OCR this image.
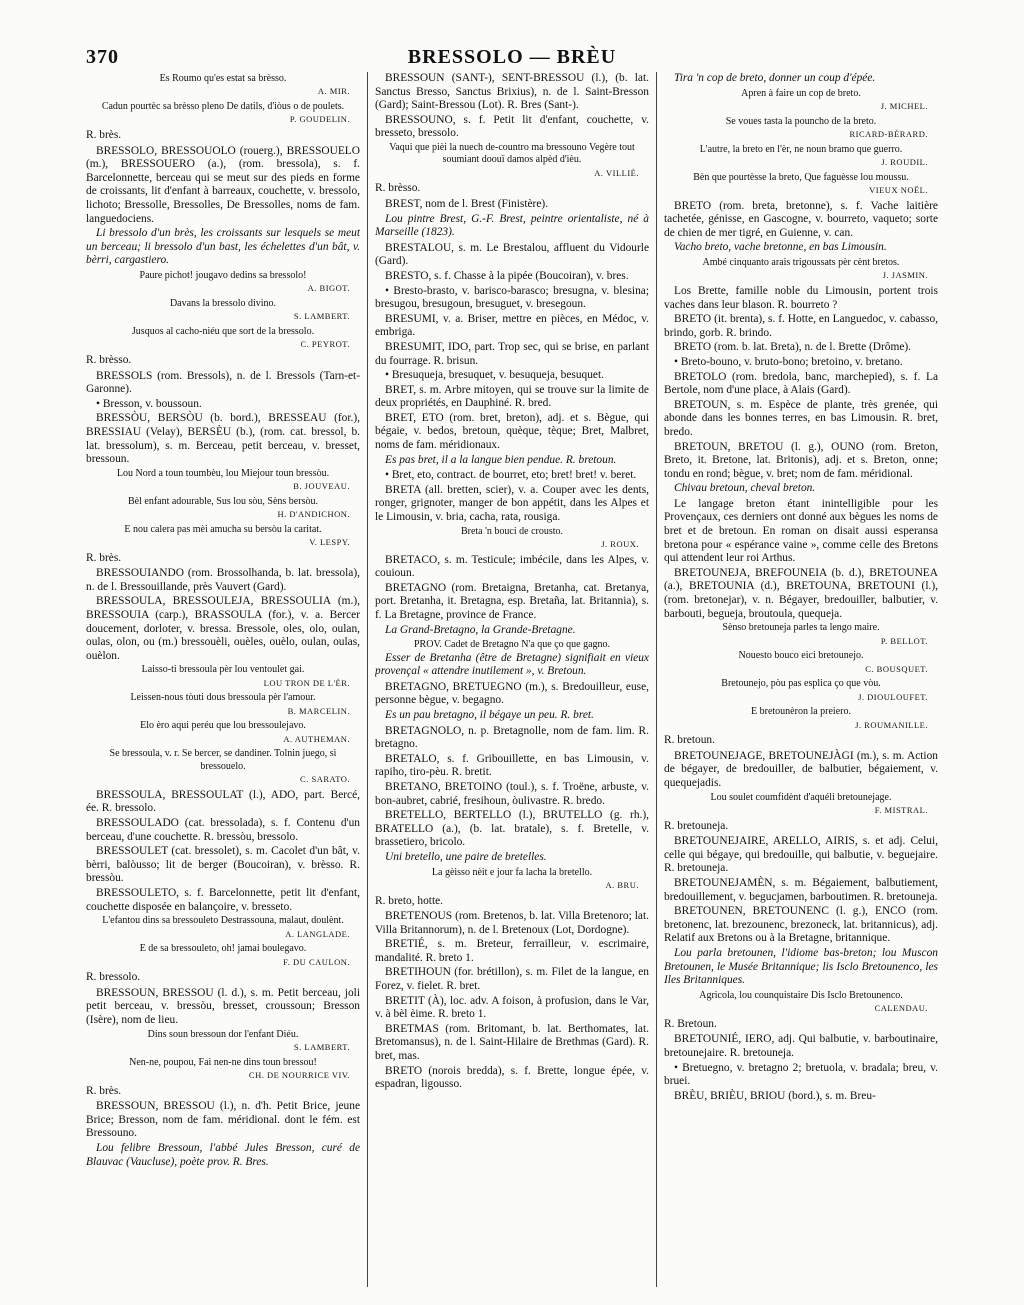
370	BRESSOLO — BRÈU

Es Roumo qu'es estat sa brèsso.

A. MIR.

Cadun pourtèc sa brèsso pleno De datils, d'iòus o de poulets.

P. GOUDELIN.

R. brès.

BRESSOLO, BRESSOUOLO (rouerg.), BRESSOUELO (m.), BRESSOUERO (a.), (rom. bressola), s. f. Barcelonnette, berceau qui se meut sur des pieds en forme de croissants, lit d'enfant à barreaux, couchette, v. bressolo, lichoto; Bressolle, Bressolles, De Bressolles, noms de fam. languedociens.

Li bressolo d'un brès, les croissants sur lesquels se meut un berceau; li bressolo d'un bast, les échelettes d'un bât, v. bèrri, cargastiero.

Paure pichot! jougavo dedins sa bressolo!

A. BIGOT.

Davans la bressolo divino.

S. LAMBERT.

Jusquos al cacho-niéu que sort de la bressolo.

C. PEYROT.

R. brèsso.

BRESSOLS (rom. Bressols), n. de l. Bressols (Tarn-et-Garonne).

• Bresson, v. boussoun.

BRESSÒU, BERSÒU (b. bord.), BRESSEAU (for.), BRESSIAU (Velay), BERSÈU (b.), (rom. cat. bressol, b. lat. bressolum), s. m. Berceau, petit berceau, v. bresset, bressoun.

Lou Nord a toun toumbèu, lou Miejour toun bressòu.

B. JOUVEAU.

Bèl enfant adourable, Sus lou sòu, Sèns bersòu.

H. D'ANDICHON.

E nou calera pas mèi amucha su bersòu la caritat.

V. LESPY.

R. brès.

BRESSOUIANDO (rom. Brossolhanda, b. lat. bressola), n. de l. Bressouillande, près Vauvert (Gard).

BRESSOULA, BRESSOULEJA, BRESSOULIA (m.), BRESSOUIA (carp.), BRASSOULA (for.), v. a. Bercer doucement, dorloter, v. bressa. Bressole, oles, olo, oulan, oulas, olon, ou (m.) bressouèli, ouèles, ouèlo, oulan, oulas, ouèlon.

Laisso-ti bressoula pèr lou ventoulet gai.

LOU TRON DE L'ÈR.

Leissen-nous tòuti dous bressoula pèr l'amour.

B. MARCELIN.

Elo èro aqui peréu que lou bressoulejavo.

A. AUTHEMAN.

Se bressoula, v. r. Se bercer, se dandiner. Tolnin juego, si bressouelo.

C. SARATO.

BRESSOULA, BRESSOULAT (l.), ADO, part. Bercé, ée. R. bressolo.

BRESSOULADO (cat. bressolada), s. f. Contenu d'un berceau, d'une couchette. R. bressòu, bressolo.

BRESSOULET (cat. bressolet), s. m. Cacolet d'un bât, v. bèrri, balòusso; lit de berger (Boucoiran), v. brèsso. R. bressòu.

BRESSOULETO, s. f. Barcelonnette, petit lit d'enfant, couchette disposée en balançoire, v. bresseto.

L'efantou dins sa bressouleto Destrassouna, malaut, doulènt.

A. LANGLADE.

E de sa bressouleto, oh! jamai boulegavo.

F. DU CAULON.

R. bressolo.

BRESSOUN, BRESSOU (l. d.), s. m. Petit berceau, joli petit berceau, v. bressòu, bresset, croussoun; Bresson (Isère), nom de lieu.

Dins soun bressoun dor l'enfant Diéu.

S. LAMBERT.

Nen-ne, poupou, Fai nen-ne dins toun bressou!

CH. DE NOURRICE VIV.

R. brès.

BRESSOUN, BRESSOU (l.), n. d'h. Petit Brice, jeune Brice; Bresson, nom de fam. méridional. dont le fém. est Bressouno.

Lou felibre Bressoun, l'abbé Jules Bresson, curé de Blauvac (Vaucluse), poète prov. R. Bres.

BRESSOUN (SANT-), SENT-BRESSOU (l.), (b. lat. Sanctus Bresso, Sanctus Brixius), n. de l. Saint-Bresson (Gard); Saint-Bressou (Lot). R. Bres (Sant-).

BRESSOUNO, s. f. Petit lit d'enfant, couchette, v. bresseto, bressolo.

Vaqui que pièi la nuech de-countro ma bressouno Vegère tout soumiant doouï damos alpèd d'ièu.

A. VILLIÉ.

R. brèsso.

BREST, nom de l. Brest (Finistère).

Lou pintre Brest, G.-F. Brest, peintre orientaliste, né à Marseille (1823).

BRESTALOU, s. m. Le Brestalou, affluent du Vidourle (Gard).

BRESTO, s. f. Chasse à la pipée (Boucoiran), v. bres.

• Bresto-brasto, v. barisco-barasco; bresugna, v. blesina; bresugou, bresugoun, bresuguet, v. bresegoun.

BRESUMI, v. a. Briser, mettre en pièces, en Médoc, v. embriga.

BRESUMIT, IDO, part. Trop sec, qui se brise, en parlant du fourrage. R. brisun.

• Bresuqueja, bresuquet, v. besuqueja, besuquet.

BRET, s. m. Arbre mitoyen, qui se trouve sur la limite de deux propriétés, en Dauphiné. R. bred.

BRET, ETO (rom. bret, breton), adj. et s. Bègue, qui bégaie, v. bedos, bretoun, quèque, tèque; Bret, Malbret, noms de fam. méridionaux.

Es pas bret, il a la langue bien pendue. R. bretoun.

• Bret, eto, contract. de bourret, eto; bret! bret! v. beret.

BRETA (all. bretten, scier), v. a. Couper avec les dents, ronger, grignoter, manger de bon appétit, dans les Alpes et le Limousin, v. bria, cacha, rata, rousiga.

Breta 'n bouci de crousto.

J. ROUX.

BRETACO, s. m. Testicule; imbécile, dans les Alpes, v. couioun.

BRETAGNO (rom. Bretaigna, Bretanha, cat. Bretanya, port. Bretanha, it. Bretagna, esp. Bretaña, lat. Britannia), s. f. La Bretagne, province de France.

La Grand-Bretagno, la Grande-Bretagne.

PROV. Cadet de Bretagno N'a que ço que gagno.

Esser de Bretanha (être de Bretagne) signifiait en vieux provençal « attendre inutilement », v. Bretoun.

BRETAGNO, BRETUEGNO (m.), s. Bredouilleur, euse, personne bègue, v. begagno.

Es un pau bretagno, il bégaye un peu. R. bret.

BRETAGNOLO, n. p. Bretagnolle, nom de fam. lim. R. bretagno.

BRETALO, s. f. Gribouillette, en bas Limousin, v. rapiho, tiro-pèu. R. bretit.

BRETANO, BRETOINO (toul.), s. f. Troëne, arbuste, v. bon-aubret, cabrié, fresihoun, òulivastre. R. bredo.

BRETELLO, BERTELLO (l.), BRUTELLO (g. rh.), BRATELLO (a.), (b. lat. bratale), s. f. Bretelle, v. brassetiero, bricolo.

Uni bretello, une paire de bretelles.

La gèisso nèit e jour fa lacha la bretello.

A. BRU.

R. breto, hotte.

BRETENOUS (rom. Bretenos, b. lat. Villa Bretenoro; lat. Villa Britannorum), n. de l. Bretenoux (Lot, Dordogne).

BRETIÉ, s. m. Breteur, ferrailleur, v. escrimaire, mandalité. R. breto 1.

BRETIHOUN (for. brétillon), s. m. Filet de la langue, en Forez, v. fielet. R. bret.

BRETIT (À), loc. adv. A foison, à profusion, dans le Var, v. à bèl èime. R. breto 1.

BRETMAS (rom. Britomant, b. lat. Berthomates, lat. Bretomansus), n. de l. Saint-Hilaire de Brethmas (Gard). R. bret, mas.

BRETO (norois bredda), s. f. Brette, longue épée, v. espadran, ligousso.

Tira 'n cop de breto, donner un coup d'épée.

Apren à faire un cop de breto.

J. MICHEL.

Se voues tasta la pouncho de la breto.

RICARD-BÉRARD.

L'autre, la breto en l'èr, ne noun bramo que guerro.

J. ROUDIL.

Bèn que pourtèsse la breto, Que faguèsse lou moussu.

VIEUX NOËL.

BRETO (rom. breta, bretonne), s. f. Vache laitière tachetée, génisse, en Gascogne, v. bourreto, vaqueto; sorte de chien de mer tigré, en Guienne, v. can.

Vacho breto, vache bretonne, en bas Limousin.

Ambé cinquanto arais trigoussats pèr cènt bretos.

J. JASMIN.

Los Brette, famille noble du Limousin, portent trois vaches dans leur blason. R. bourreto ?

BRETO (it. brenta), s. f. Hotte, en Languedoc, v. cabasso, brindo, gorb. R. brindo.

BRETO (rom. b. lat. Breta), n. de l. Brette (Drôme).

• Breto-bouno, v. bruto-bono; bretoino, v. bretano.

BRETOLO (rom. bredola, banc, marchepied), s. f. La Bertole, nom d'une place, à Alais (Gard).

BRETOUN, s. m. Espèce de plante, très grenée, qui abonde dans les bonnes terres, en bas Limousin. R. bret, bredo.

BRETOUN, BRETOU (l. g.), OUNO (rom. Breton, Breto, it. Bretone, lat. Britonis), adj. et s. Breton, onne; tondu en rond; bègue, v. bret; nom de fam. méridional.

Chivau bretoun, cheval breton.

Le langage breton étant inintelligible pour les Provençaux, ces derniers ont donné aux bègues les noms de bret et de bretoun. En roman on disait aussi esperansa bretona pour « espérance vaine », comme celle des Bretons qui attendent leur roi Arthus.

BRETOUNEJA, BREFOUNEIA (b. d.), BRETOUNEA (a.), BRETOUNIA (d.), BRETOUNA, BRETOUNI (l.), (rom. bretonejar), v. n. Bégayer, bredouiller, balbutier, v. barbouti, begueja, broutoula, quequeja.

Sènso bretouneja parles ta lengo maire.

P. BELLOT.

Nouesto bouco eici bretounejo.

C. BOUSQUET.

Bretounejo, pòu pas esplica ço que vòu.

J. DIOULOUFET.

E bretounèron la preiero.

J. ROUMANILLE.

R. bretoun.

BRETOUNEJAGE, BRETOUNEJÀGI (m.), s. m. Action de bégayer, de bredouiller, de balbutier, bégaiement, v. quequejadis.

Lou soulet coumfidènt d'aquéli bretounejage.

F. MISTRAL.

R. bretouneja.

BRETOUNEJAIRE, ARELLO, AIRIS, s. et adj. Celui, celle qui bégaye, qui bredouille, qui balbutie, v. beguejaire. R. bretouneja.

BRETOUNEJAMÈN, s. m. Bégaiement, balbutiement, bredouillement, v. begucjamen, barboutimen. R. bretouneja.

BRETOUNEN, BRETOUNENC (l. g.), ENCO (rom. bretonenc, lat. brezounenc, brezoneck, lat. britannicus), adj. Relatif aux Bretons ou à la Bretagne, britannique.

Lou parla bretounen, l'idiome bas-breton; lou Muscon Bretounen, le Musée Britannique; lis Isclo Bretounenco, les Iles Britanniques.

Agricola, lou counquistaire Dis Isclo Bretounenco.

CALENDAU.

R. Bretoun.

BRETOUNIÉ, IERO, adj. Qui balbutie, v. barboutinaire, bretounejaire. R. bretouneja.

• Bretuegno, v. bretagno 2; bretuola, v. bradala; breu, v. bruei.

BRÈU, BRIÈU, BRIOU (bord.), s. m. Breu-
